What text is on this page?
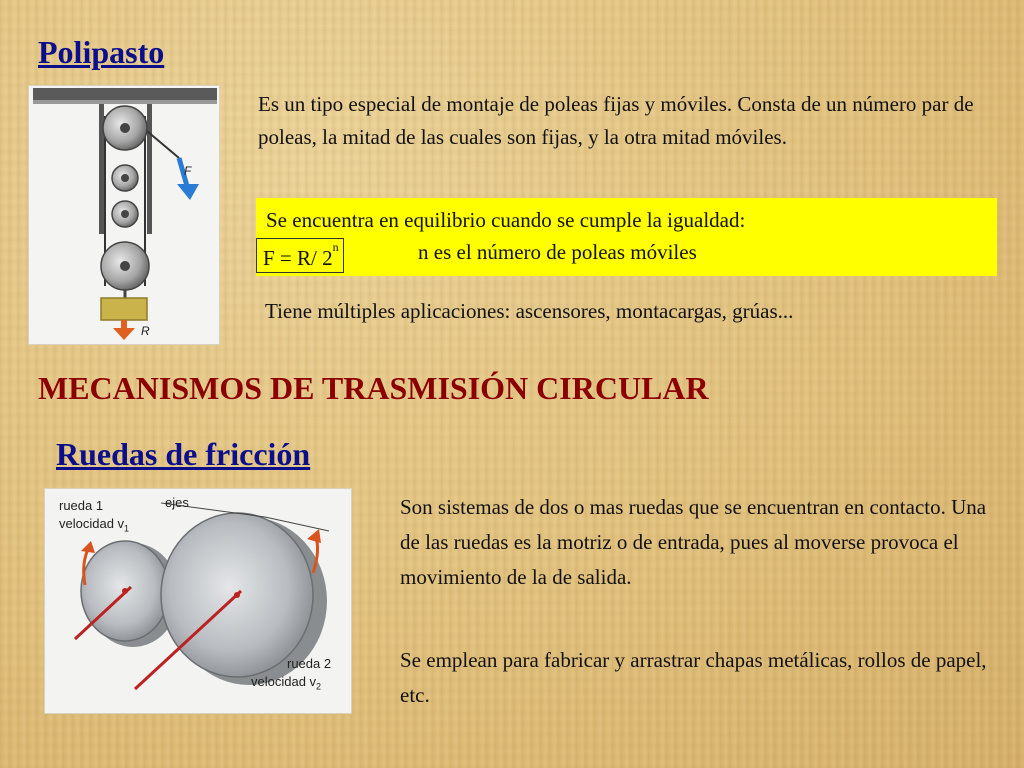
Polipasto
F
R
Es un tipo especial de montaje de poleas fijas y móviles. Consta de un número par de poleas, la mitad de las cuales son fijas, y la otra mitad móviles.
Se encuentra en equilibrio cuando se cumple la igualdad:
F = R/ 2$^n$	n es el número de poleas móviles
Tiene múltiples aplicaciones: ascensores, montacargas, grúas...
MECANISMOS DE TRASMISIÓN CIRCULAR
Ruedas de fricción
rueda 1
velocidad $v_1$
ejes
rueda 2
velocidad $v_2$
Son sistemas de dos o mas ruedas que se encuentran en contacto. Una de las ruedas es la motriz o de entrada, pues al moverse provoca el movimiento de la de salida.
Se emplean para fabricar y arrastrar chapas metálicas, rollos de papel, etc.
